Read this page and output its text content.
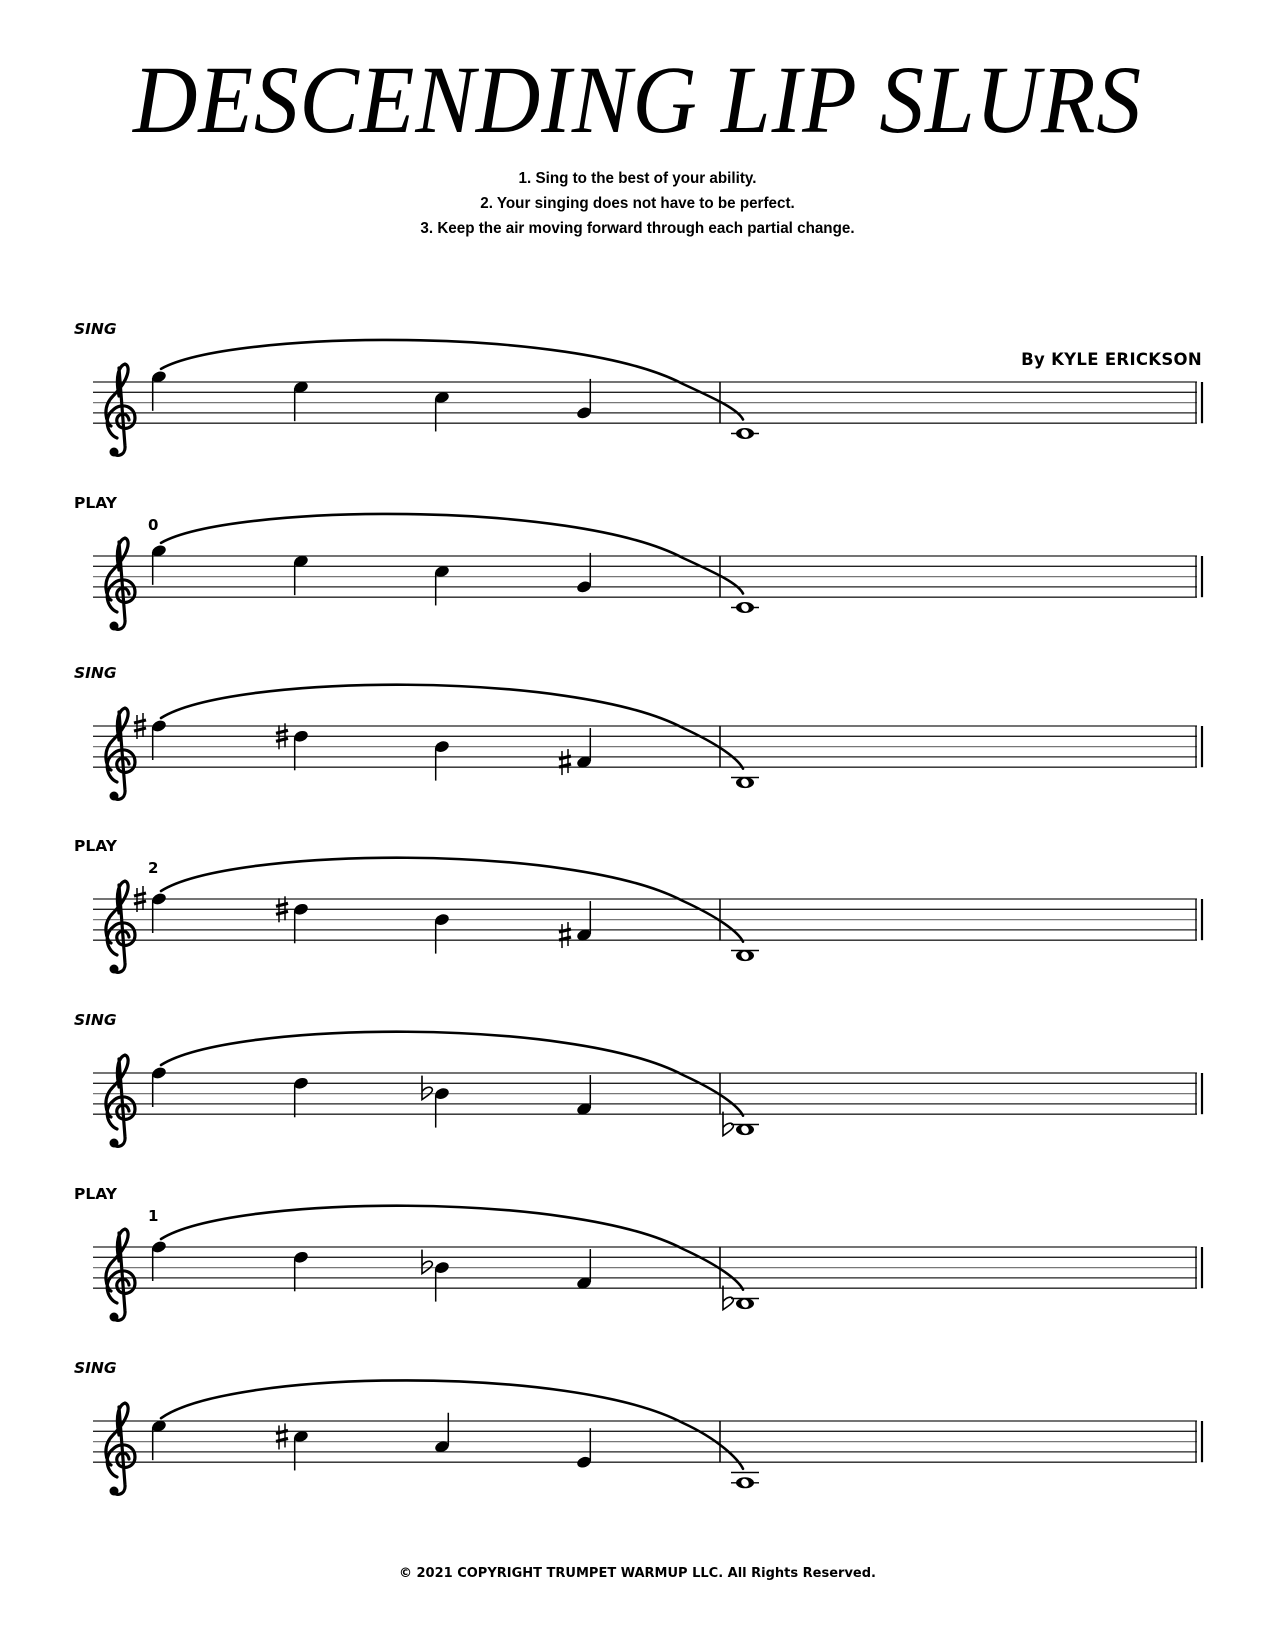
DESCENDING LIP SLURS
1. Sing to the best of your ability.
2. Your singing does not have to be perfect.
3. Keep the air moving forward through each partial change.
By KYLE ERICKSON
SING
PLAY
SING
PLAY
SING
PLAY
SING
0
2
1
© 2021 COPYRIGHT TRUMPET WARMUP LLC. All Rights Reserved.
